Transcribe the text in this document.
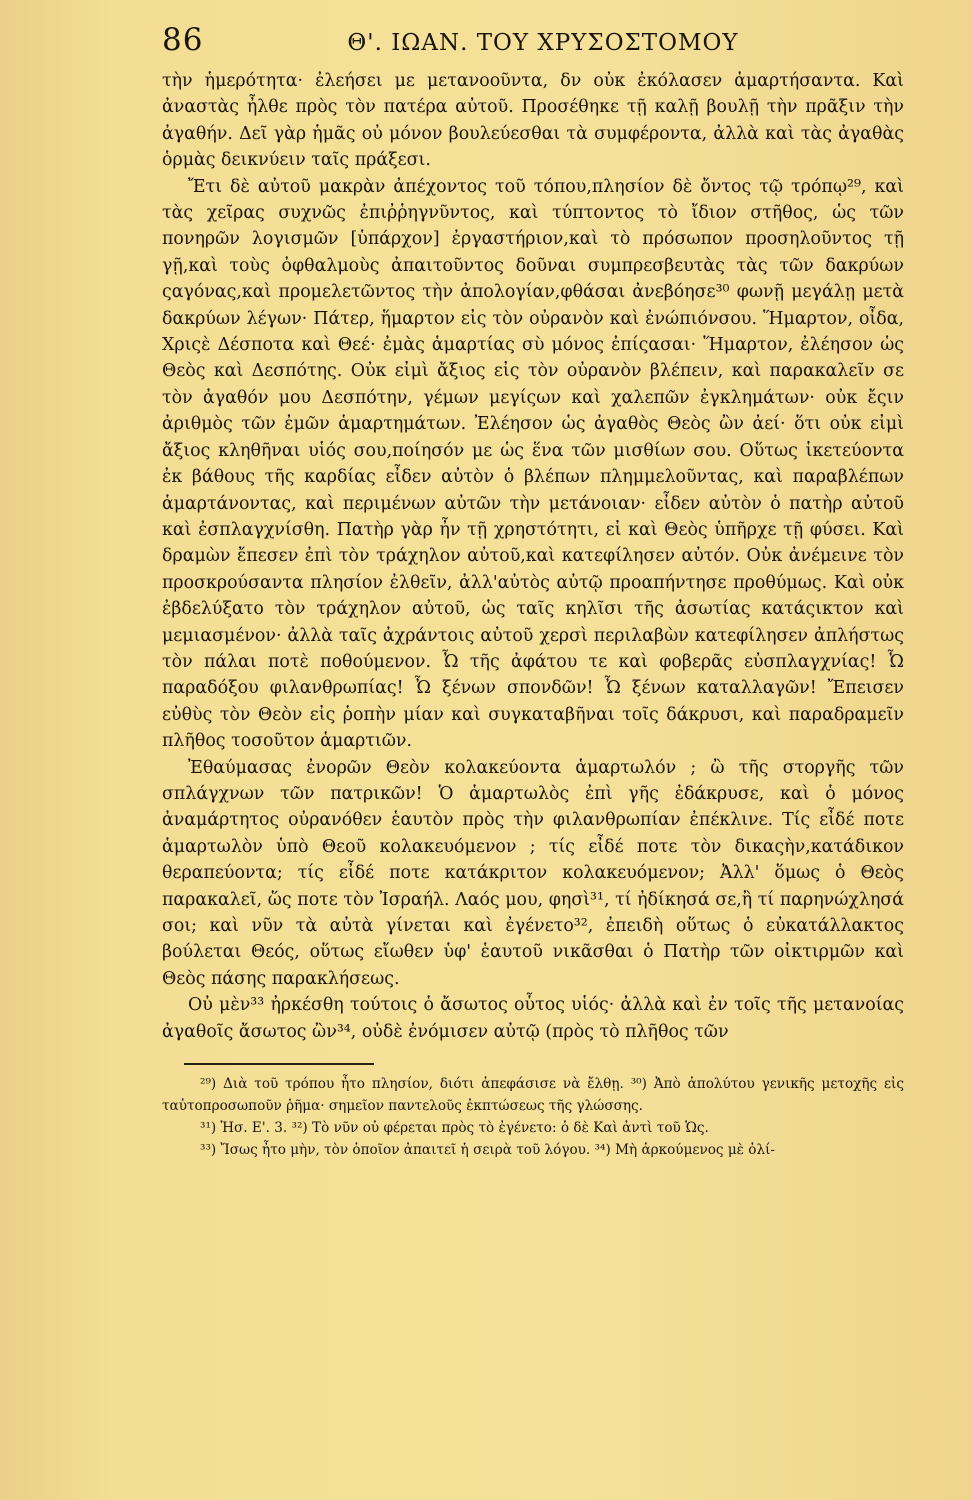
86	Θ'. ΙΩΑΝ. ΤΟΥ ΧΡΥΣΟΣΤΟΜΟΥ

τὴν ἡμερότητα· ἐλεήσει με μετανοοῦντα, δν οὐκ ἐκόλασεν ἁμαρτήσαντα. Καὶ ἀναστὰς ἦλθε πρὸς τὸν πατέρα αὐτοῦ. Προσέθηκε τῇ καλῇ βουλῇ τὴν πρᾶξιν τὴν ἀγαθήν. Δεῖ γὰρ ἡμᾶς οὐ μόνον βουλεύεσθαι τὰ συμφέροντα, ἀλλὰ καὶ τὰς ἀγαθὰς ὁρμὰς δεικνύειν ταῖς πράξεσι.

Ἔτι δὲ αὐτοῦ μακρὰν ἀπέχοντος τοῦ τόπου,πλησίον δὲ ὄντος τῷ τρόπῳ²⁹, καὶ τὰς χεῖρας συχνῶς ἐπιῤῥηγνῦντος, καὶ τύπτοντος τὸ ἴδιον στῆθος, ὡς τῶν πονηρῶν λογισμῶν [ὑπάρχον] ἐργαστήριον,καὶ τὸ πρόσωπον προσηλοῦντος τῇ γῇ,καὶ τοὺς ὀφθαλμοὺς ἀπαιτοῦντος δοῦναι συμπρεσβευτὰς τὰς τῶν δακρύων ςαγόνας,καὶ προμελετῶντος τὴν ἀπολογίαν,φθάσαι ἀνεβόησε³⁰ φωνῇ μεγάλῃ μετὰ δακρύων λέγων· Πάτερ, ἥμαρτον εἰς τὸν οὐρανὸν καὶ ἐνώπιόνσου. Ἥμαρτον, οἶδα, Χριςὲ Δέσποτα καὶ Θεέ· ἐμὰς ἁμαρτίας σὺ μόνος ἐπίςασαι· Ἥμαρτον, ἐλέησον ὡς Θεὸς καὶ Δεσπότης. Οὐκ εἰμὶ ἄξιος εἰς τὸν οὐρανὸν βλέπειν, καὶ παρακαλεῖν σε τὸν ἀγαθόν μου Δεσπότην, γέμων μεγίςων καὶ χαλεπῶν ἐγκλημάτων· οὐκ ἔςιν ἀριθμὸς τῶν ἐμῶν ἁμαρτημάτων. Ἐλέησον ὡς ἀγαθὸς Θεὸς ὢν ἀεί· ὅτι οὐκ εἰμὶ ἄξιος κληθῆναι υἱός σου,ποίησόν με ὡς ἕνα τῶν μισθίων σου. Οὕτως ἱκετεύοντα ἐκ βάθους τῆς καρδίας εἶδεν αὐτὸν ὁ βλέπων πλημμελοῦντας, καὶ παραβλέπων ἁμαρτάνοντας, καὶ περιμένων αὐτῶν τὴν μετάνοιαν· εἶδεν αὐτὸν ὁ πατὴρ αὐτοῦ καὶ ἐσπλαγχνίσθη. Πατὴρ γὰρ ἦν τῇ χρηστότητι, εἰ καὶ Θεὸς ὑπῆρχε τῇ φύσει. Καὶ δραμὼν ἔπεσεν ἐπὶ τὸν τράχηλον αὐτοῦ,καὶ κατεφίλησεν αὐτόν. Οὐκ ἀνέμεινε τὸν προσκρούσαντα πλησίον ἐλθεῖν, ἀλλ'αὐτὸς αὐτῷ προαπήντησε προθύμως. Καὶ οὐκ ἐβδελύξατο τὸν τράχηλον αὐτοῦ, ὡς ταῖς κηλῖσι τῆς ἀσωτίας κατάςικτον καὶ μεμιασμένον· ἀλλὰ ταῖς ἀχράντοις αὐτοῦ χερσὶ περιλαβὼν κατεφίλησεν ἀπλήστως τὸν πάλαι ποτὲ ποθούμενον. Ὦ τῆς ἀφάτου τε καὶ φοβερᾶς εὐσπλαγχνίας! Ὦ παραδόξου φιλανθρωπίας! Ὦ ξένων σπονδῶν! Ὦ ξένων καταλλαγῶν! Ἔπεισεν εὐθὺς τὸν Θεὸν εἰς ῥοπὴν μίαν καὶ συγκαταβῆναι τοῖς δάκρυσι, καὶ παραδραμεῖν πλῆθος τοσοῦτον ἁμαρτιῶν.

Ἐθαύμασας ἐνορῶν Θεὸν κολακεύοντα ἁμαρτωλόν ; ὢ τῆς στοργῆς τῶν σπλάγχνων τῶν πατρικῶν! Ὁ ἁμαρτωλὸς ἐπὶ γῆς ἐδάκρυσε, καὶ ὁ μόνος ἀναμάρτητος οὐρανόθεν ἑαυτὸν πρὸς τὴν φιλανθρωπίαν ἐπέκλινε. Τίς εἶδέ ποτε ἁμαρτωλὸν ὑπὸ Θεοῦ κολακευόμενον ; τίς εἶδέ ποτε τὸν δικαςὴν,κατάδικον θεραπεύοντα; τίς εἶδέ ποτε κατάκριτον κολακευόμενον; Ἀλλ' ὅμως ὁ Θεὸς παρακαλεῖ, ὥς ποτε τὸν Ἰσραήλ. Λαός μου, φησὶ³¹, τί ἠδίκησά σε,ἢ τί παρηνώχλησά σοι; καὶ νῦν τὰ αὐτὰ γίνεται καὶ ἐγένετο³², ἐπειδὴ οὕτως ὁ εὐκατάλλακτος βούλεται Θεός, οὕτως εἴωθεν ὑφ' ἑαυτοῦ νικᾶσθαι ὁ Πατὴρ τῶν οἰκτιρμῶν καὶ Θεὸς πάσης παρακλήσεως.

Οὐ μὲν³³ ἠρκέσθη τούτοις ὁ ἄσωτος οὗτος υἱός· ἀλλὰ καὶ ἐν τοῖς τῆς μετανοίας ἀγαθοῖς ἄσωτος ὢν³⁴, οὐδὲ ἐνόμισεν αὐτῷ (πρὸς τὸ πλῆθος τῶν

²⁹) Διὰ τοῦ τρόπου ἦτο πλησίον, διότι ἀπεφάσισε νὰ ἔλθῃ. ³⁰) Ἀπὸ ἀπολύτου γενικῆς μετοχῆς εἰς ταὐτοπροσωποῦν ῥῆμα· σημεῖον παντελοῦς ἐκπτώσεως τῆς γλώσσης.

³¹) Ἡσ. Ε'. 3. ³²) Τὸ νῦν οὐ φέρεται πρὸς τὸ ἐγένετο: ὁ δὲ Καὶ ἀντὶ τοῦ Ὡς.

³³) Ἴσως ἦτο μὴν, τὸν ὁποῖον ἀπαιτεῖ ἡ σειρὰ τοῦ λόγου. ³⁴) Μὴ ἀρκούμενος μὲ ὀλί-
